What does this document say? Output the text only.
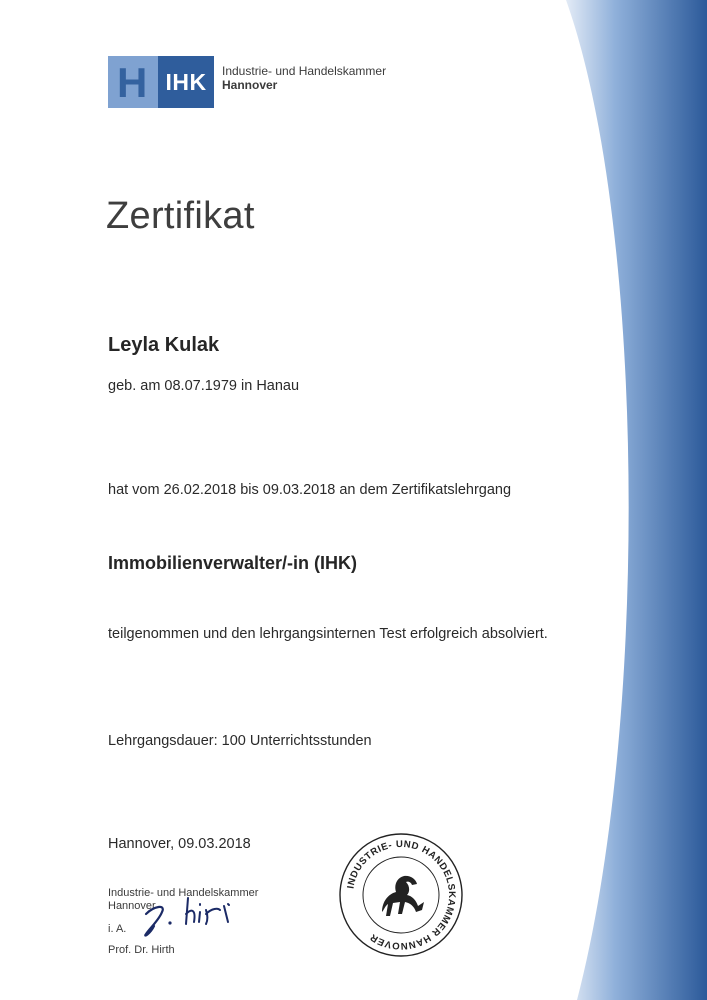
H IHK	Industrie- und Handelskammer
Hannover
Zertifikat
Leyla Kulak
geb. am 08.07.1979 in Hanau
hat vom 26.02.2018 bis 09.03.2018 an dem Zertifikatslehrgang
Immobilienverwalter/-in (IHK)
teilgenommen und den lehrgangsinternen Test erfolgreich absolviert.
Lehrgangsdauer: 100 Unterrichtsstunden
Hannover, 09.03.2018
Industrie- und Handelskammer
Hannover
i. A.
Prof. Dr. Hirth
INDUSTRIE- UND HANDELSKAMMER HANNOVER
